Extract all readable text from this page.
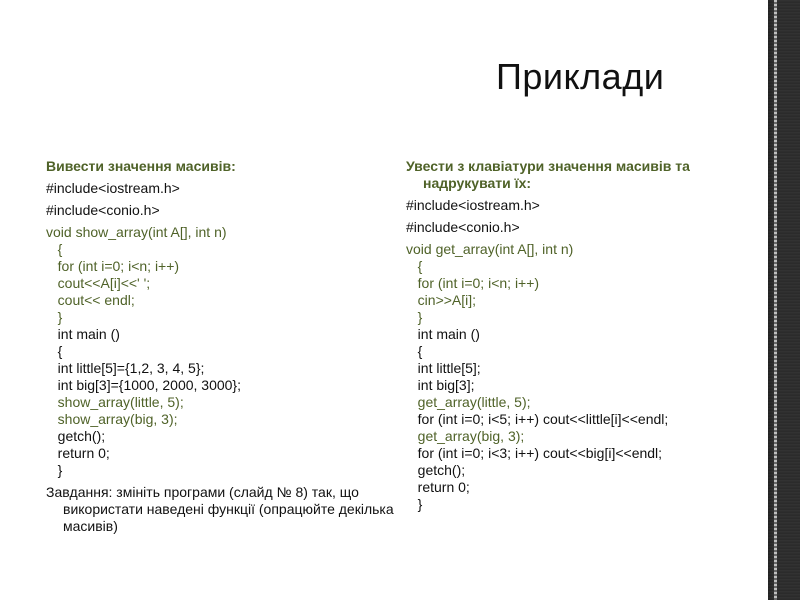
Приклади
Вивести значення масивів:
#include<iostream.h>
#include<conio.h>
void show_array(int A[], int n)
{
for (int i=0; i<n; i++)
cout<<A[i]<<' ';
cout<< endl;
}
int main ()
{
int little[5]={1,2, 3, 4, 5};
int big[3]={1000, 2000, 3000};
show_array(little, 5);
show_array(big, 3);
getch();
return 0;
}
Завдання: змініть програми (слайд № 8) так, що використати наведені функції (опрацюйте декілька масивів)
Увести з клавіатури значення масивів та надрукувати їх:
#include<iostream.h>
#include<conio.h>
void get_array(int A[], int n)
{
for (int i=0; i<n; i++)
cin>>A[i];
}
int main ()
{
int little[5];
int big[3];
get_array(little, 5);
for (int i=0; i<5; i++) cout<<little[i]<<endl;
get_array(big, 3);
for (int i=0; i<3; i++) cout<<big[i]<<endl;
getch();
return 0;
}
